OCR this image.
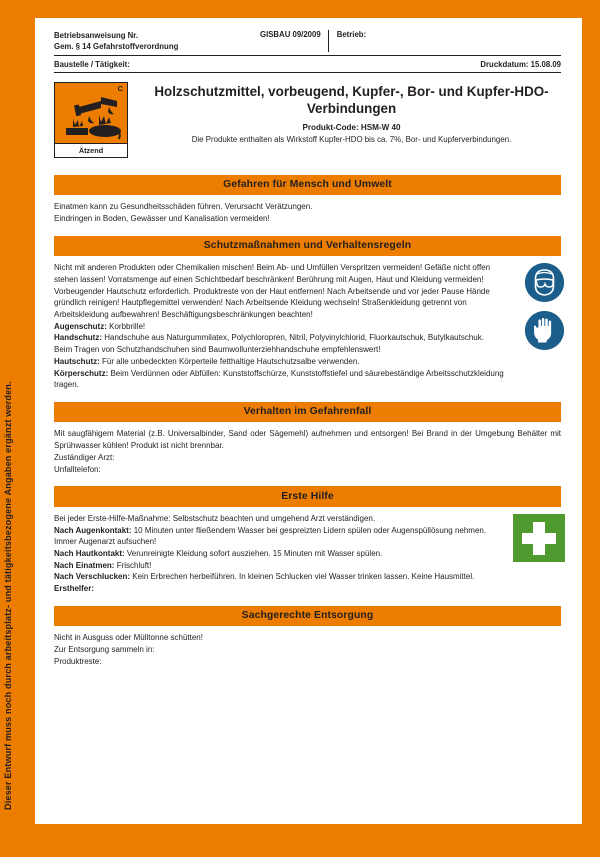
Dieser Entwurf muss noch durch arbeitsplatz- und tätigkeitsbezogene Angaben ergänzt werden.
Betriebsanweisung Nr.
Gem. § 14 Gefahrstoffverordnung
GISBAU 09/2009	Betrieb:
Baustelle / Tätigkeit:	Druckdatum: 15.08.09
C
Ätzend
Holzschutzmittel, vorbeugend, Kupfer-, Bor- und Kupfer-HDO-Verbindungen
Produkt-Code: HSM-W 40
Die Produkte enthalten als Wirkstoff Kupfer-HDO bis ca. 7%, Bor- und Kupferverbindungen.
Gefahren für Mensch und Umwelt

Einatmen kann zu Gesundheitsschäden führen. Verursacht Verätzungen.

Eindringen in Boden, Gewässer und Kanalisation vermeiden!

Schutzmaßnahmen und Verhaltensregeln

Nicht mit anderen Produkten oder Chemikalien mischen! Beim Ab- und Umfüllen Verspritzen vermeiden! Gefäße nicht offen stehen lassen! Vorratsmenge auf einen Schichtbedarf beschränken! Berührung mit Augen, Haut und Kleidung vermeiden! Vorbeugender Hautschutz erforderlich. Produktreste von der Haut entfernen! Nach Arbeitsende und vor jeder Pause Hände gründlich reinigen! Hautpflegemittel verwenden! Nach Arbeitsende Kleidung wechseln! Straßenkleidung getrennt von Arbeitskleidung aufbewahren! Beschäftigungsbeschränkungen beachten!

Augenschutz: Korbbrille!

Handschutz: Handschuhe aus Naturgummilatex, Polychloropren, Nitril, Polyvinylchlorid, Fluorkautschuk, Butylkautschuk.

Beim Tragen von Schutzhandschuhen sind Baumwollunterziehhandschuhe empfehlenswert!

Hautschutz: Für alle unbedeckten Körperteile fetthaltige Hautschutzsalbe verwenden.

Körperschutz: Beim Verdünnen oder Abfüllen: Kunststoffschürze, Kunststoffstiefel und säurebeständige Arbeitsschutzkleidung tragen.

Verhalten im Gefahrenfall

Mit saugfähigem Material (z.B. Universalbinder, Sand oder Sägemehl) aufnehmen und entsorgen! Bei Brand in der Umgebung Behälter mit Sprühwasser kühlen! Produkt ist nicht brennbar.

Zuständiger Arzt:

Unfalltelefon:

Erste Hilfe

Bei jeder Erste-Hilfe-Maßnahme: Selbstschutz beachten und umgehend Arzt verständigen.

Nach Augenkontakt: 10 Minuten unter fließendem Wasser bei gespreizten Lidern spülen oder Augenspüllösung nehmen. Immer Augenarzt aufsuchen!

Nach Hautkontakt: Verunreinigte Kleidung sofort ausziehen. 15 Minuten mit Wasser spülen.

Nach Einatmen: Frischluft!

Nach Verschlucken: Kein Erbrechen herbeiführen. In kleinen Schlucken viel Wasser trinken lassen. Keine Hausmittel.

Ersthelfer:

Sachgerechte Entsorgung

Nicht in Ausguss oder Mülltonne schütten!

Zur Entsorgung sammeln in:

Produktreste:
